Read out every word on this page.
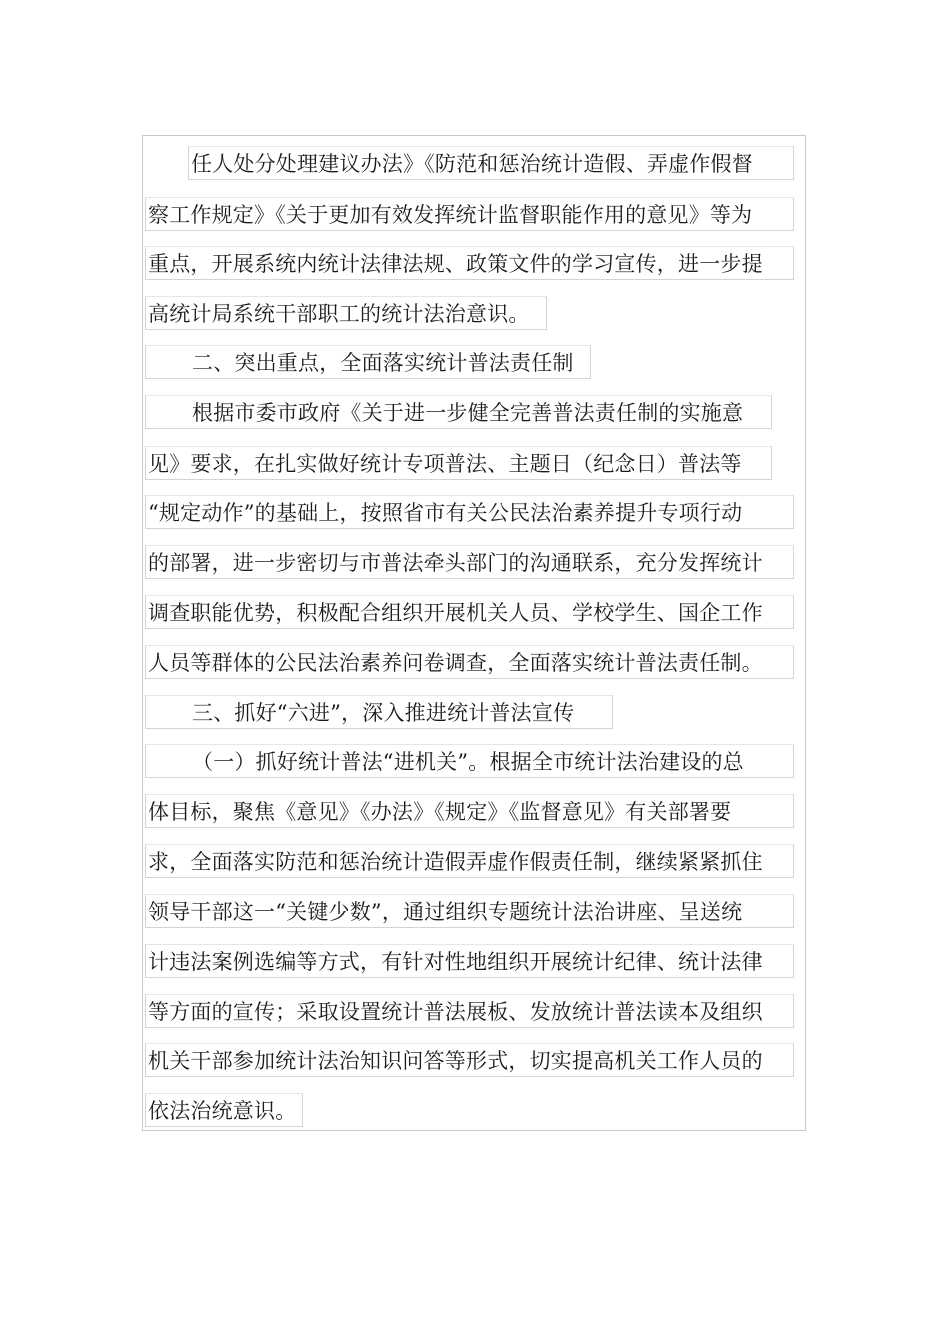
任人处分处理建议办法》《防范和惩治统计造假、弄虚作假督
察工作规定》《关于更加有效发挥统计监督职能作用的意见》等为
重点，开展系统内统计法律法规、政策文件的学习宣传，进一步提
高统计局系统干部职工的统计法治意识。
二、突出重点，全面落实统计普法责任制
根据市委市政府《关于进一步健全完善普法责任制的实施意
见》要求，在扎实做好统计专项普法、主题日（纪念日）普法等
“规定动作”的基础上，按照省市有关公民法治素养提升专项行动
的部署，进一步密切与市普法牵头部门的沟通联系，充分发挥统计
调查职能优势，积极配合组织开展机关人员、学校学生、国企工作
人员等群体的公民法治素养问卷调查，全面落实统计普法责任制。
三、抓好“六进”，深入推进统计普法宣传
（一）抓好统计普法“进机关”。根据全市统计法治建设的总
体目标，聚焦《意见》《办法》《规定》《监督意见》有关部署要
求，全面落实防范和惩治统计造假弄虚作假责任制，继续紧紧抓住
领导干部这一“关键少数”，通过组织专题统计法治讲座、呈送统
计违法案例选编等方式，有针对性地组织开展统计纪律、统计法律
等方面的宣传；采取设置统计普法展板、发放统计普法读本及组织
机关干部参加统计法治知识问答等形式，切实提高机关工作人员的
依法治统意识。
